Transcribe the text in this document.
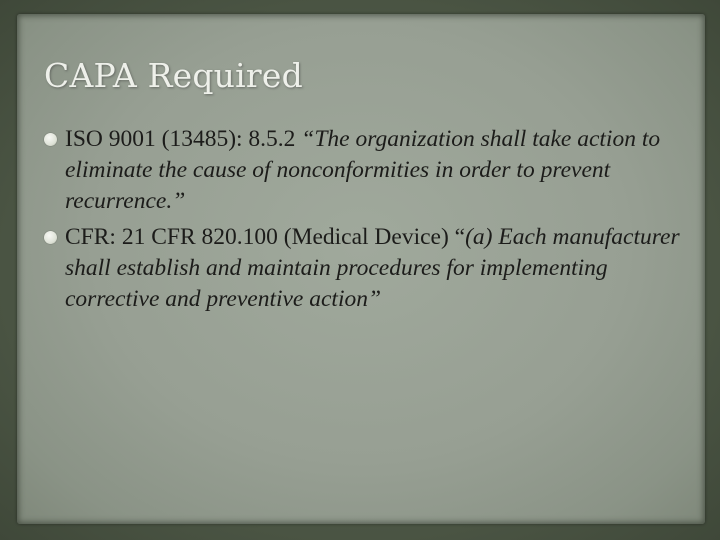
CAPA Required
ISO 9001 (13485): 8.5.2 “The organization shall take action to eliminate the cause of nonconformities in order to prevent recurrence.”
CFR: 21 CFR 820.100 (Medical Device) “(a) Each manufacturer shall establish and maintain procedures for implementing corrective and preventive action”
